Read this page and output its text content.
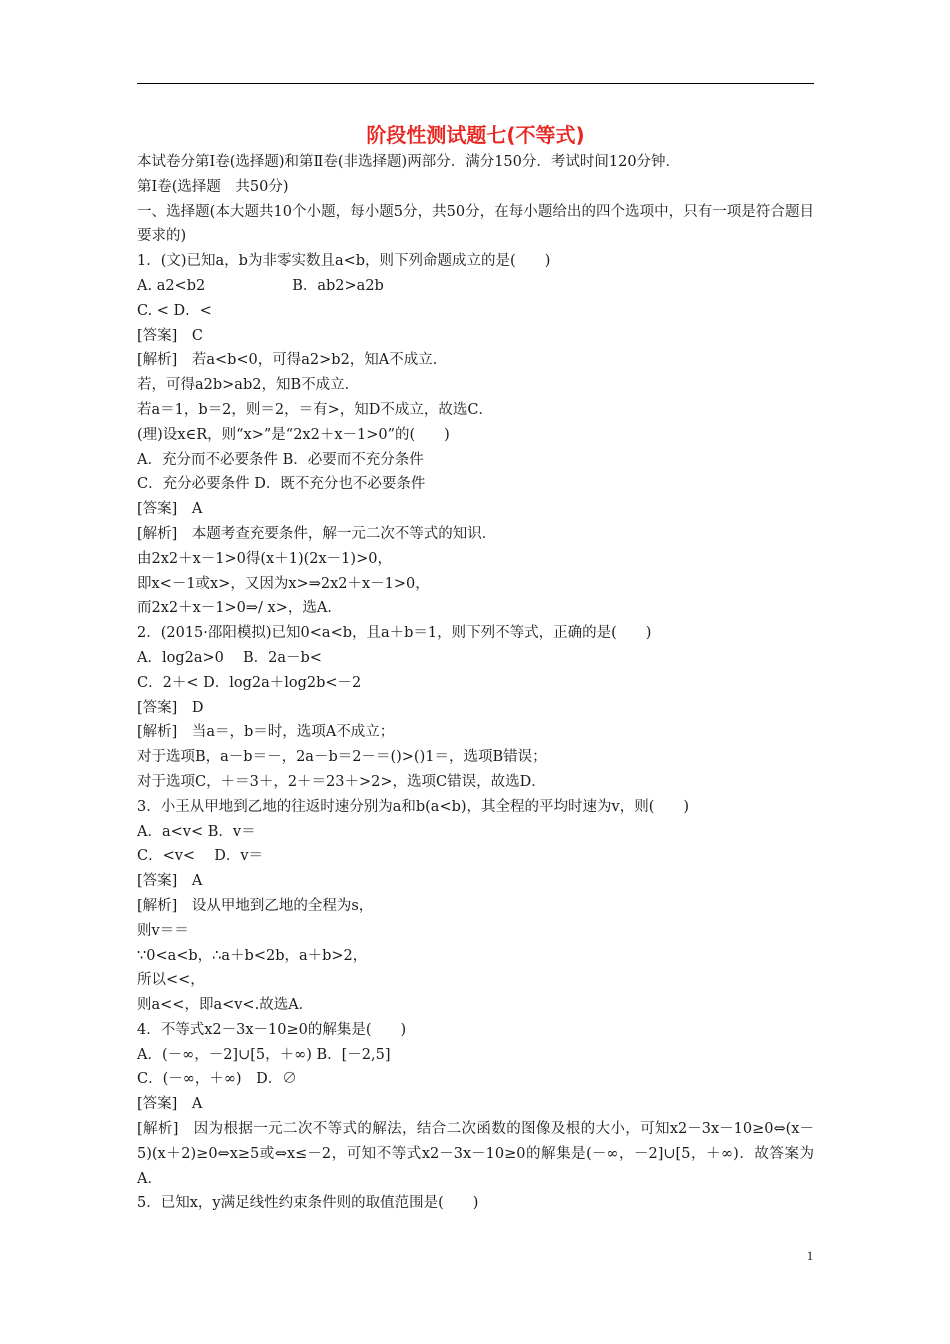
阶段性测试题七(不等式)
本试卷分第Ⅰ卷(选择题)和第Ⅱ卷(非选择题)两部分．满分150分．考试时间120分钟．
第Ⅰ卷(选择题　共50分)
一、选择题(本大题共10个小题，每小题5分，共50分，在每小题给出的四个选项中，只有一项是符合题目要求的)
1．(文)已知a，b为非零实数且a<b，则下列命题成立的是(　　)
A. a2<b2　　　　　　B．ab2>a2b
C. < D．<
[答案]　C
[解析]　若a<b<0，可得a2>b2，知A不成立．
若，可得a2b>ab2，知B不成立．
若a＝1，b＝2，则＝2，＝有>，知D不成立，故选C．
(理)设x∈R，则“x>”是“2x2＋x－1>0”的(　　)
A．充分而不必要条件 B．必要而不充分条件
C．充分必要条件 D．既不充分也不必要条件
[答案]　A
[解析]　本题考查充要条件，解一元二次不等式的知识．
由2x2＋x－1>0得(x＋1)(2x－1)>0，
即x<－1或x>，又因为x>⇒2x2＋x－1>0，
而2x2＋x－1>0⇒/ x>，选A．
2．(2015·邵阳模拟)已知0<a<b，且a＋b＝1，则下列不等式，正确的是(　　)
A．log2a>0　 B．2a－b<
C．2＋< D．log2a＋log2b<－2
[答案]　D
[解析]　当a＝，b＝时，选项A不成立；
对于选项B，a－b＝－，2a－b＝2－＝()>()1＝，选项B错误；
对于选项C，＋＝3＋，2＋＝23＋>2>，选项C错误，故选D．
3．小王从甲地到乙地的往返时速分别为a和b(a<b)，其全程的平均时速为v，则(　　)
A．a<v< B．v＝
C．<v<　 D．v＝
[答案]　A
[解析]　设从甲地到乙地的全程为s，
则v＝＝
∵0<a<b，∴a＋b<2b，a＋b>2，
所以<<，
则a<<，即a<v<.故选A．
4．不等式x2－3x－10≥0的解集是(　　)
A．(－∞，－2]∪[5，＋∞) B．[－2,5]
C．(－∞，＋∞)　D．∅
[答案]　A
[解析]　因为根据一元二次不等式的解法，结合二次函数的图像及根的大小，可知x2－3x－10≥0⇔(x－5)(x＋2)≥0⇔x≥5或⇔x≤－2，可知不等式x2－3x－10≥0的解集是(－∞，－2]∪[5，＋∞)．故答案为A．
5．已知x，y满足线性约束条件则的取值范围是(　　)
1
